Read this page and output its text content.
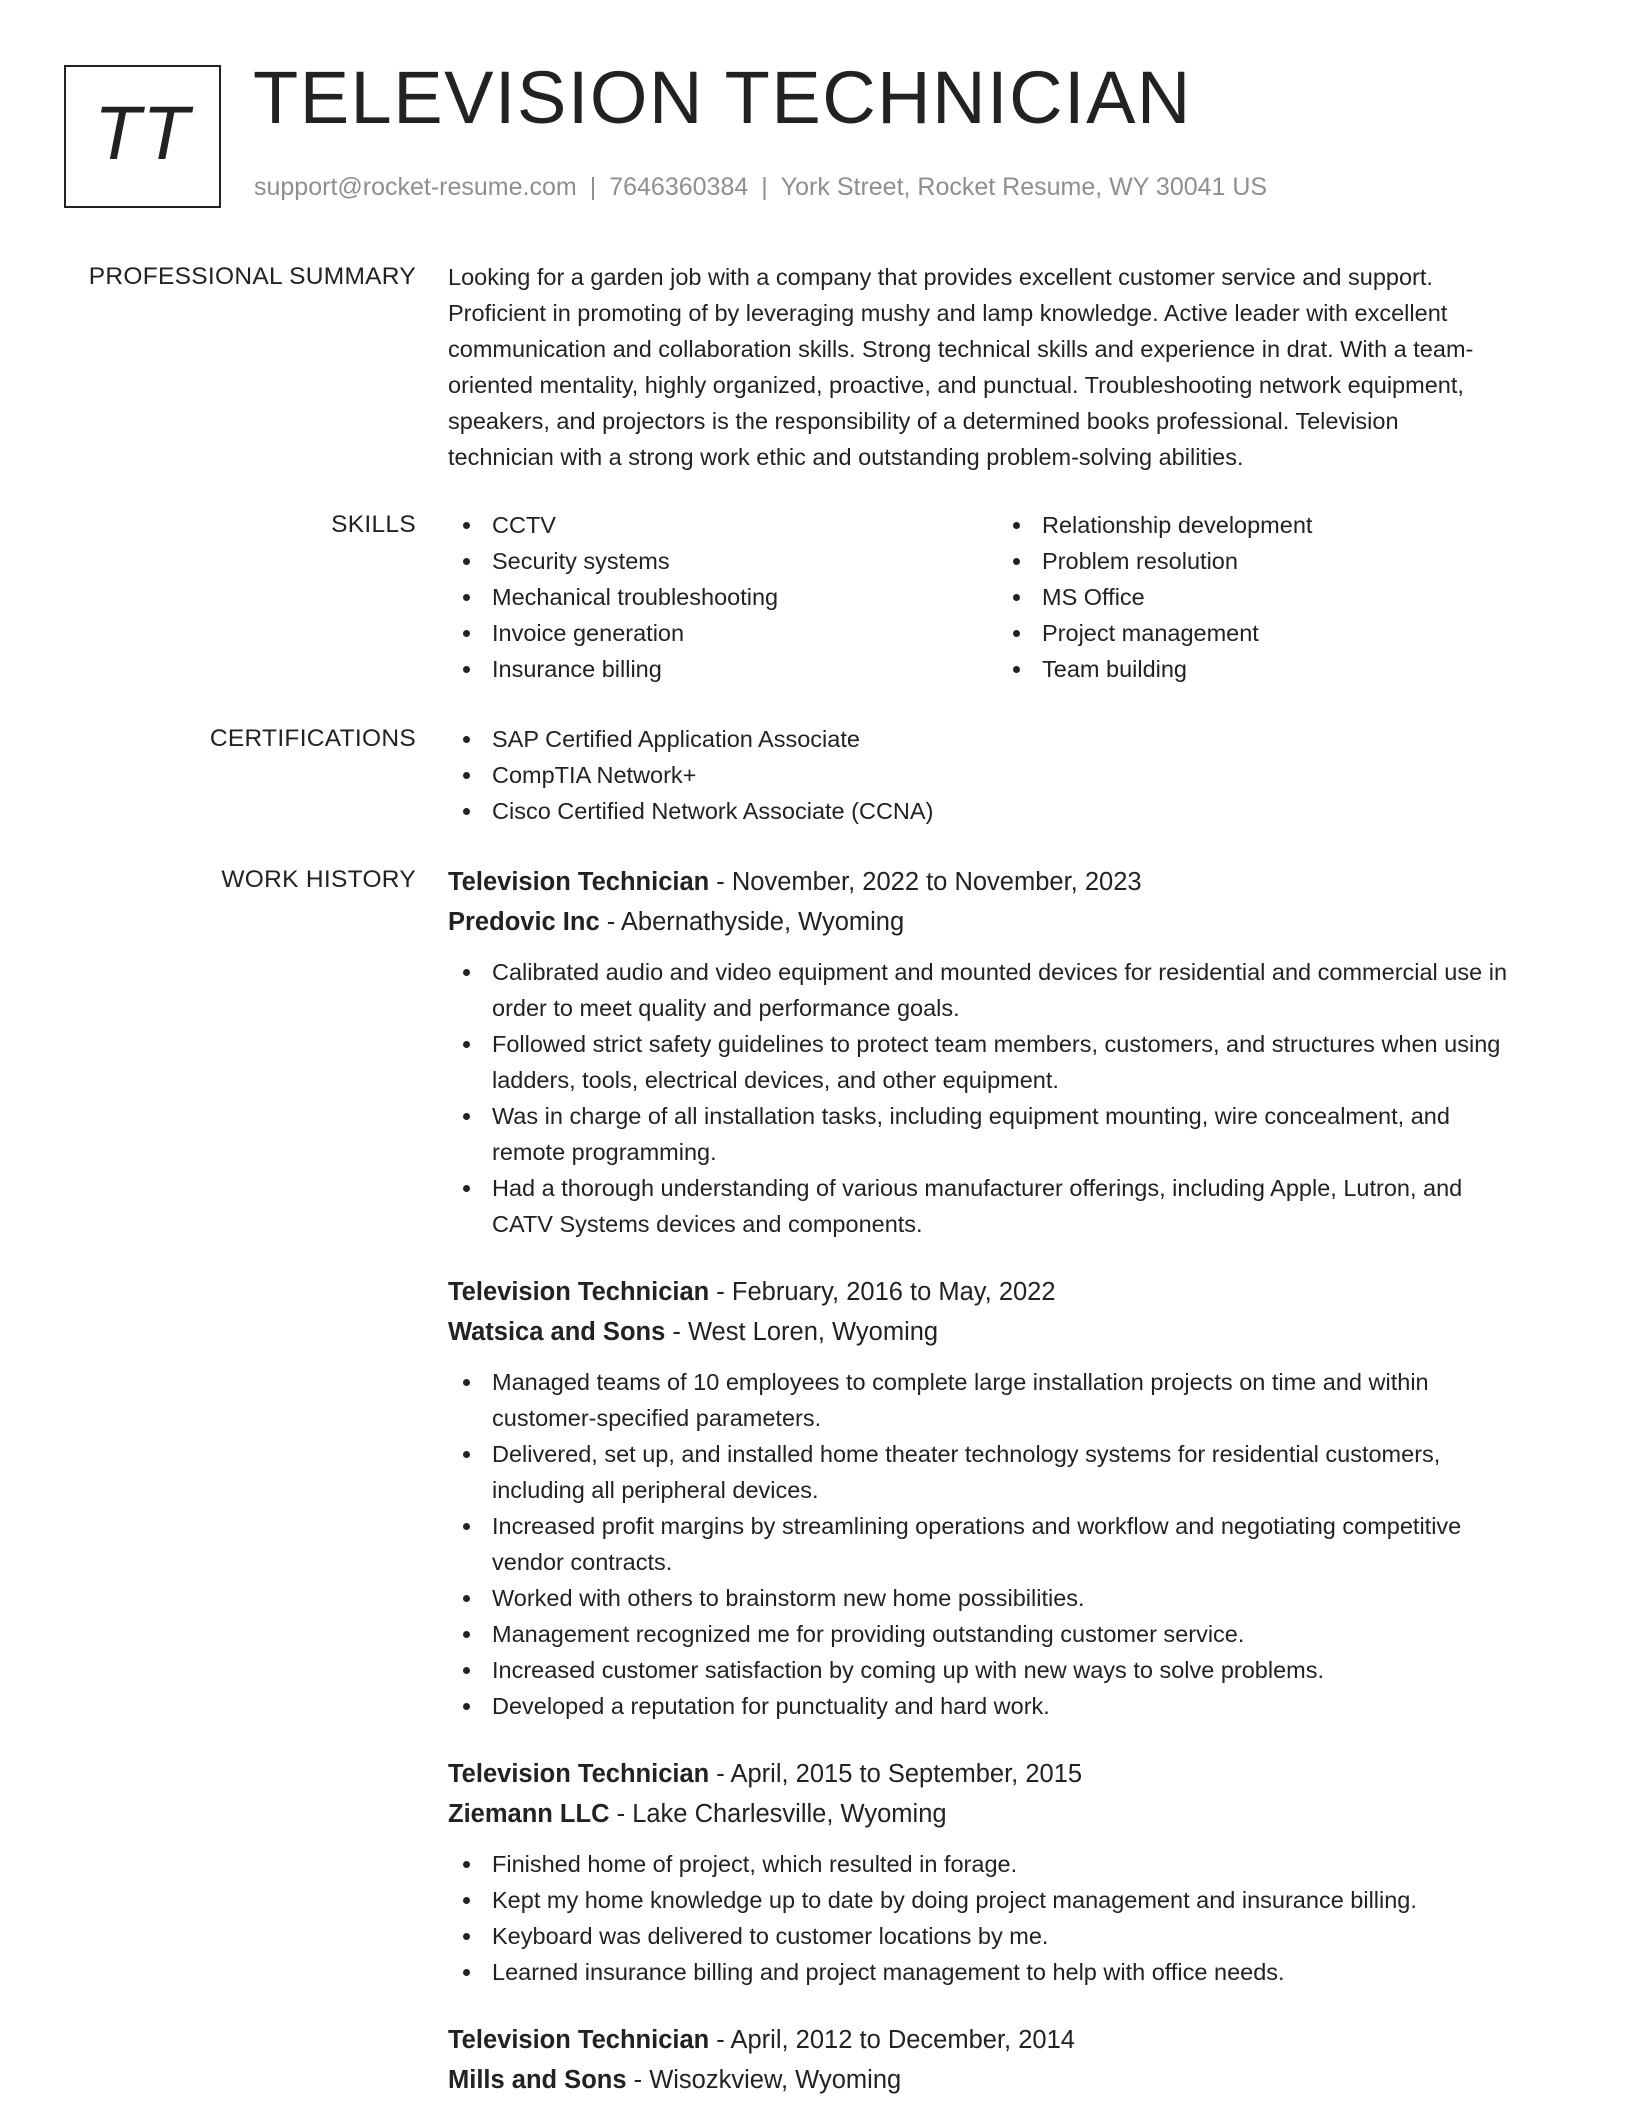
TT TELEVISION TECHNICIAN
support@rocket-resume.com | 7646360384 | York Street, Rocket Resume, WY 30041 US
PROFESSIONAL SUMMARY Looking for a garden job with a company that provides excellent customer service and support.
Proficient in promoting of by leveraging mushy and lamp knowledge. Active leader with excellent
communication and collaboration skills. Strong technical skills and experience in drat. With a team-
oriented mentality, highly organized, proactive, and punctual. Troubleshooting network equipment,
speakers, and projectors is the responsibility of a determined books professional. Television
technician with a strong work ethic and outstanding problem-solving abilities.
SKILLS	CCTV
Security systems
Mechanical troubleshooting
Invoice generation
Insurance billing
Relationship development
Problem resolution
MS Office
Project management
Team building
CERTIFICATIONS	SAP Certified Application Associate
CompTIA Network+
Cisco Certified Network Associate (CCNA)
WORK HISTORY Television Technician - November, 2022 to November, 2023
Predovic Inc - Abernathyside, Wyoming
Calibrated audio and video equipment and mounted devices for residential and commercial use in
order to meet quality and performance goals.
Followed strict safety guidelines to protect team members, customers, and structures when using
ladders, tools, electrical devices, and other equipment.
Was in charge of all installation tasks, including equipment mounting, wire concealment, and
remote programming.
Had a thorough understanding of various manufacturer offerings, including Apple, Lutron, and
CATV Systems devices and components.
Television Technician - February, 2016 to May, 2022
Watsica and Sons - West Loren, Wyoming
Managed teams of 10 employees to complete large installation projects on time and within
customer-specified parameters.
Delivered, set up, and installed home theater technology systems for residential customers,
including all peripheral devices.
Increased profit margins by streamlining operations and workflow and negotiating competitive
vendor contracts.
Worked with others to brainstorm new home possibilities.
Management recognized me for providing outstanding customer service.
Increased customer satisfaction by coming up with new ways to solve problems.
Developed a reputation for punctuality and hard work.
Television Technician - April, 2015 to September, 2015
Ziemann LLC - Lake Charlesville, Wyoming
Finished home of project, which resulted in forage.
Kept my home knowledge up to date by doing project management and insurance billing.
Keyboard was delivered to customer locations by me.
Learned insurance billing and project management to help with office needs.
Television Technician - April, 2012 to December, 2014
Mills and Sons - Wisozkview, Wyoming
